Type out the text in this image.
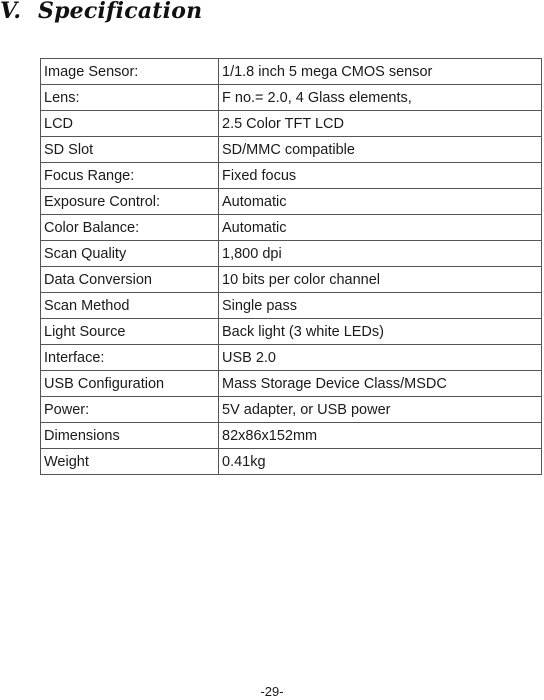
V. Specification
Image Sensor:	1/1.8 inch 5 mega CMOS sensor
Lens:	F no.= 2.0, 4 Glass elements,
LCD	2.5 Color TFT LCD
SD Slot	SD/MMC compatible
Focus Range:	Fixed focus
Exposure Control:	Automatic
Color Balance:	Automatic
Scan Quality	1,800 dpi
Data Conversion	10 bits per color channel
Scan Method	Single pass
Light Source	Back light (3 white LEDs)
Interface:	USB 2.0
USB Configuration	Mass Storage Device Class/MSDC
Power:	5V adapter, or USB power
Dimensions	82x86x152mm
Weight	0.41kg

-29-
